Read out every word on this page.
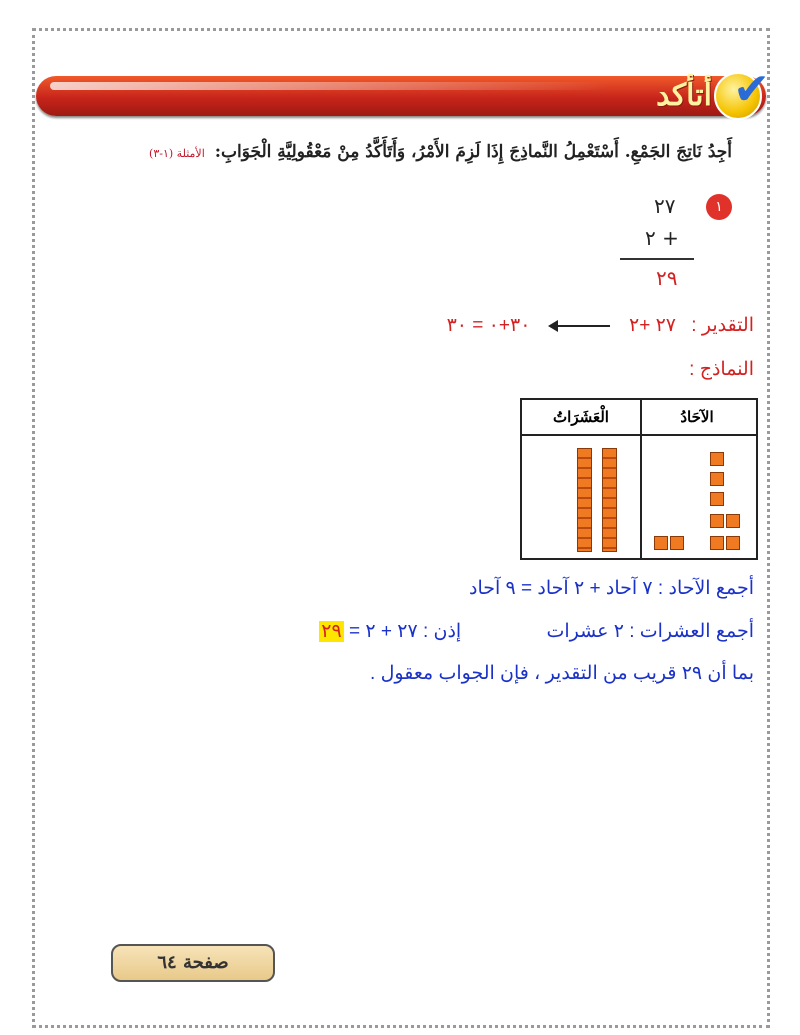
أتأكد ✔
أَجِدُ نَاتِجَ الجَمْعِ. أَسْتَعْمِلُ النَّماذِجَ إِذَا لَزِمَ الأَمْرُ، وَأَتَأَكَّدُ مِنْ مَعْقُولِيَّةِ الْجَوَابِ: الأمثلة (١-٣)
١
٢٧
+ ٢
٢٩
التقدير : ٢٧ +٢  ٣٠+٠ = ٣٠
النماذج :
الآحَادُ
الْعَشَرَاتُ
أجمع الآحاد : ٧ آحاد + ٢ آحاد = ٩ آحاد
أجمع العشرات : ٢ عشرات إذن : ٢٧ + ٢ = ٢٩
بما أن ٢٩ قريب من التقدير ، فإن الجواب معقول .
صفحة ٦٤
